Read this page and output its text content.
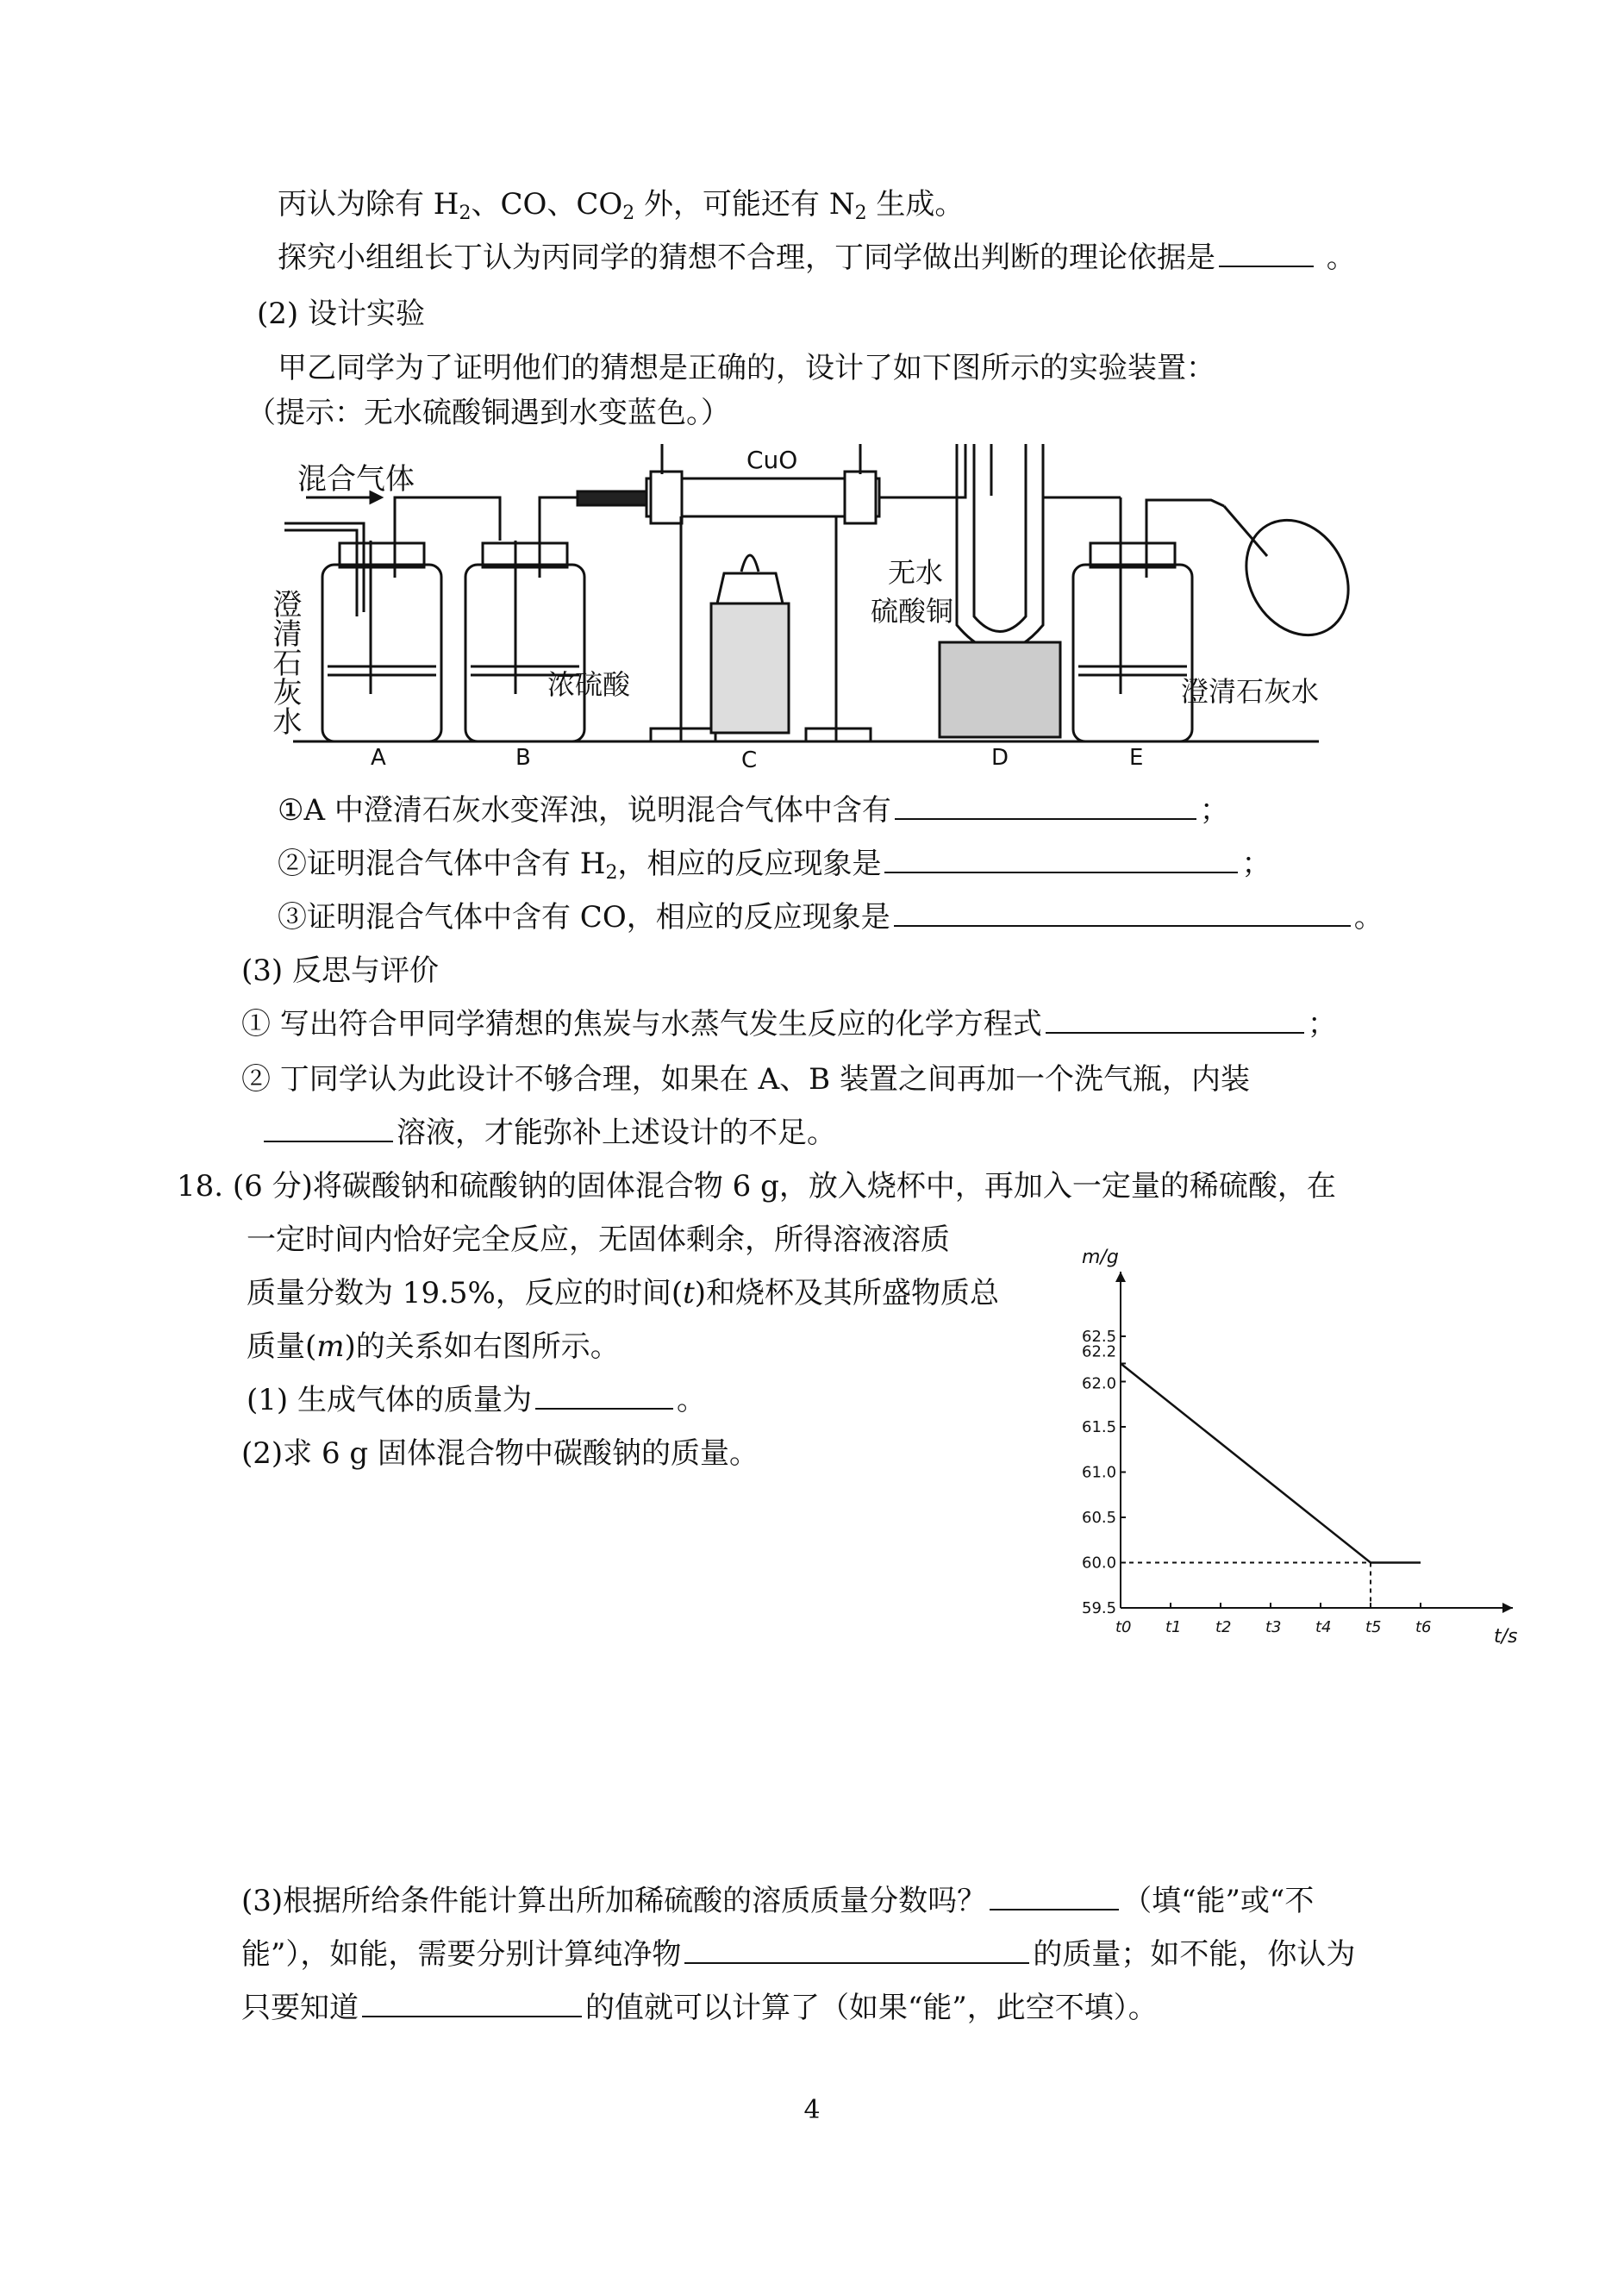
丙认为除有 $H_2$、CO、$CO_2$ 外，可能还有 $N_2$ 生成。
探究小组组长丁认为丙同学的猜想不合理，丁同学做出判断的理论依据是	。
(2) 设计实验
甲乙同学为了证明他们的猜想是正确的，设计了如下图所示的实验装置：
（提示：无水硫酸铜遇到水变蓝色。）
混合气体
CuO
澄清石灰水	浓硫酸
无水
硫酸铜
澄清石灰水
A	B	C	D	E
①A 中澄清石灰水变浑浊，说明混合气体中含有	；
②证明混合气体中含有 $H_2$，相应的反应现象是	；
③证明混合气体中含有 CO，相应的反应现象是	。
(3) 反思与评价
① 写出符合甲同学猜想的焦炭与水蒸气发生反应的化学方程式	；
② 丁同学认为此设计不够合理，如果在 A、B 装置之间再加一个洗气瓶，内装
溶液，才能弥补上述设计的不足。
18. (6 分)将碳酸钠和硫酸钠的固体混合物 6 g，放入烧杯中，再加入一定量的稀硫酸，在
一定时间内恰好完全反应，无固体剩余，所得溶液溶质
质量分数为 19.5%，反应的时间(t)和烧杯及其所盛物质总
质量(m)的关系如右图所示。
(1) 生成气体的质量为	。
(2)求 6 g 固体混合物中碳酸钠的质量。
m/g
t/s
59.5
60.0
60.5
61.0
61.5
62.0
62.2
62.5
t0 t1 t2 t3 t4 t5 t6
(3)根据所给条件能计算出所加稀硫酸的溶质质量分数吗？	（填“能”或“不
能”），如能，需要分别计算纯净物	的质量；如不能，你认为
只要知道	的值就可以计算了（如果“能”，此空不填）。
4
